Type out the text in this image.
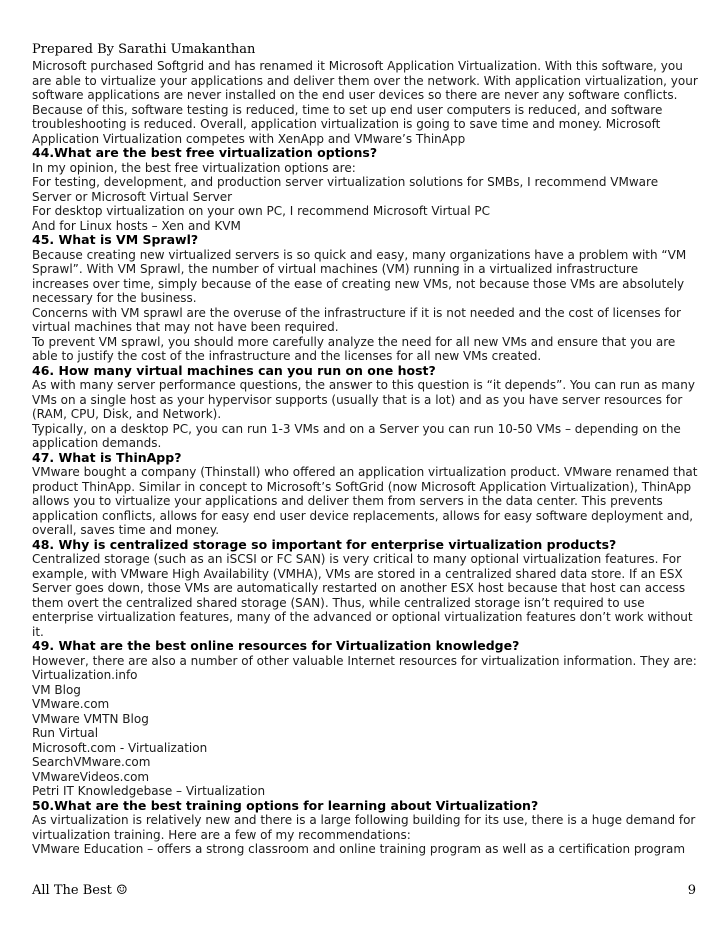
Prepared By Sarathi Umakanthan

Microsoft purchased Softgrid and has renamed it Microsoft Application Virtualization. With this software, you are able to virtualize your applications and deliver them over the network. With application virtualization, your software applications are never installed on the end user devices so there are never any software conflicts. Because of this, software testing is reduced, time to set up end user computers is reduced, and software troubleshooting is reduced. Overall, application virtualization is going to save time and money. Microsoft Application Virtualization competes with XenApp and VMware’s ThinApp

44.What are the best free virtualization options?

In my opinion, the best free virtualization options are:

For testing, development, and production server virtualization solutions for SMBs, I recommend VMware Server or Microsoft Virtual Server

For desktop virtualization on your own PC, I recommend Microsoft Virtual PC

And for Linux hosts – Xen and KVM

45. What is VM Sprawl?

Because creating new virtualized servers is so quick and easy, many organizations have a problem with “VM Sprawl”. With VM Sprawl, the number of virtual machines (VM) running in a virtualized infrastructure increases over time, simply because of the ease of creating new VMs, not because those VMs are absolutely necessary for the business.

Concerns with VM sprawl are the overuse of the infrastructure if it is not needed and the cost of licenses for virtual machines that may not have been required.

To prevent VM sprawl, you should more carefully analyze the need for all new VMs and ensure that you are able to justify the cost of the infrastructure and the licenses for all new VMs created.

46. How many virtual machines can you run on one host?

As with many server performance questions, the answer to this question is “it depends”. You can run as many VMs on a single host as your hypervisor supports (usually that is a lot) and as you have server resources for (RAM, CPU, Disk, and Network).

Typically, on a desktop PC, you can run 1-3 VMs and on a Server you can run 10-50 VMs – depending on the application demands.

47. What is ThinApp?

VMware bought a company (Thinstall) who offered an application virtualization product. VMware renamed that product ThinApp. Similar in concept to Microsoft’s SoftGrid (now Microsoft Application Virtualization), ThinApp allows you to virtualize your applications and deliver them from servers in the data center. This prevents application conflicts, allows for easy end user device replacements, allows for easy software deployment and, overall, saves time and money.

48. Why is centralized storage so important for enterprise virtualization products?

Centralized storage (such as an iSCSI or FC SAN) is very critical to many optional virtualization features. For example, with VMware High Availability (VMHA), VMs are stored in a centralized shared data store. If an ESX Server goes down, those VMs are automatically restarted on another ESX host because that host can access them overt the centralized shared storage (SAN). Thus, while centralized storage isn’t required to use enterprise virtualization features, many of the advanced or optional virtualization features don’t work without it.

49. What are the best online resources for Virtualization knowledge?

However, there are also a number of other valuable Internet resources for virtualization information. They are:

Virtualization.info

VM Blog

VMware.com

VMware VMTN Blog

Run Virtual

Microsoft.com - Virtualization

SearchVMware.com

VMwareVideos.com

Petri IT Knowledgebase – Virtualization

50.What are the best training options for learning about Virtualization?

As virtualization is relatively new and there is a large following building for its use, there is a huge demand for virtualization training. Here are a few of my recommendations:

VMware Education – offers a strong classroom and online training program as well as a certification program

All The Best ☺	9
